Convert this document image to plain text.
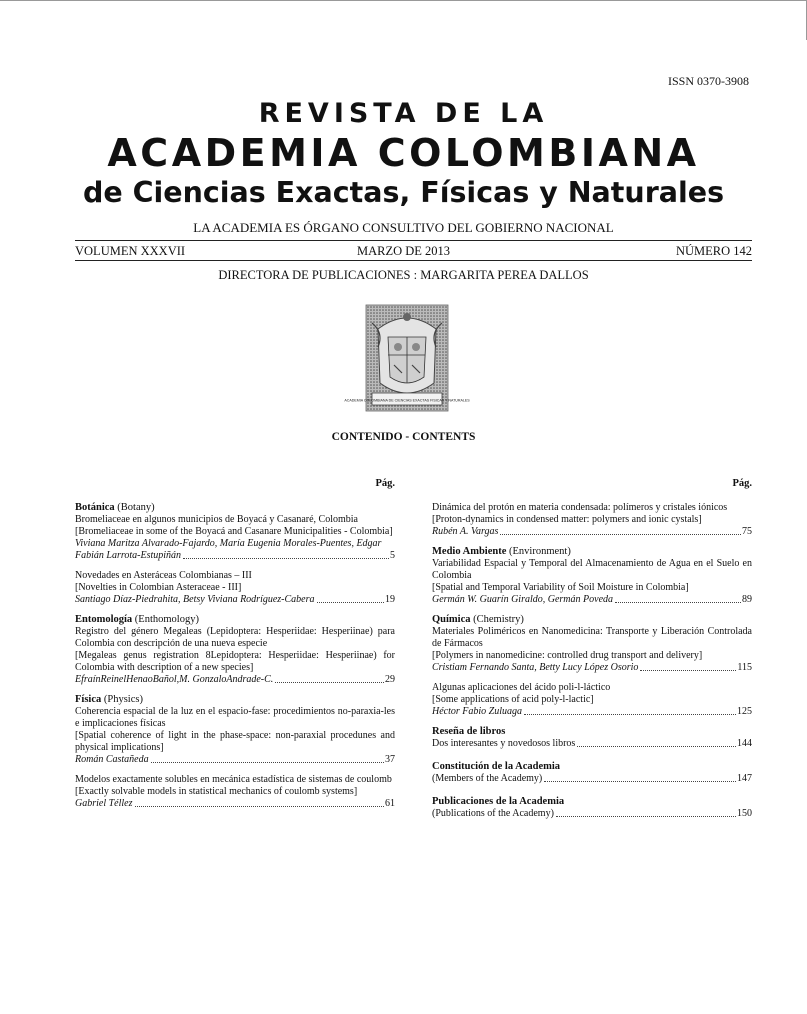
ISSN 0370-3908
REVISTA DE LA
ACADEMIA COLOMBIANA
de Ciencias Exactas, Físicas y Naturales
LA ACADEMIA ES ÓRGANO CONSULTIVO DEL GOBIERNO NACIONAL
VOLUMEN XXXVII	MARZO DE 2013	NÚMERO 142
DIRECTORA DE PUBLICACIONES : MARGARITA PEREA DALLOS
ACADEMIA COLOMBIANA DE CIENCIAS EXACTAS FISICAS Y NATURALES
CONTENIDO - CONTENTS
Pág.
Botánica (Botany)
Bromeliaceae en algunos municipios de Boyacá y Casanaré, Colombia
[Bromeliaceae in some of the Boyacá and Casanare Municipalities - Colombia]
Viviana Maritza Alvarado-Fajardo, María Eugenia Morales-Puentes, Edgar
Fabián Larrota-Estupiñán	5
Novedades en Asteráceas Colombianas – III
[Novelties in Colombian Asteraceae - III]
Santiago Díaz-Piedrahita, Betsy Viviana Rodríguez-Cabera	19
Entomología (Enthomology)
Registro del género Megaleas (Lepidoptera: Hesperiidae: Hesperiinae) para Colombia con descripción de una nueva especie
[Megaleas genus registration 8Lepidoptera: Hesperiidae: Hesperiinae) for Colombia with description of a new species]
EfraínReinelHenaoBañol,M. GonzaloAndrade-C.	29
Física (Physics)
Coherencia espacial de la luz en el espacio-fase: procedimientos no-paraxia-les e implicaciones físicas
[Spatial coherence of light in the phase-space: non-paraxial procedunes and physical implications]
Román Castañeda	37
Modelos exactamente solubles en mecánica estadística de sistemas de coulomb
[Exactly solvable models in statistical mechanics of coulomb systems]
Gabriel Téllez	61
Pág.
Dinámica del protón en materia condensada: polímeros y cristales iónicos
[Proton-dynamics in condensed matter: polymers and ionic cystals]
Rubén A. Vargas	75
Medio Ambiente (Environment)
Variabilidad Espacial y Temporal del Almacenamiento de Agua en el Suelo en Colombia
[Spatial and Temporal Variability of Soil Moisture in Colombia]
Germán W. Guarín Giraldo, Germán Poveda	89
Química (Chemistry)
Materiales Poliméricos en Nanomedicina: Transporte y Liberación Controlada de Fármacos
[Polymers in nanomedicine: controlled drug transport and delivery]
Cristiam Fernando Santa, Betty Lucy López Osorio	115
Algunas aplicaciones del ácido poli-l-láctico
[Some applications of acid poly-l-lactic]
Héctor Fabio Zuluaga	125
Reseña de libros
Dos interesantes y novedosos libros	144
Constitución de la Academia
(Members of the Academy)	147
Publicaciones de la Academia
(Publications of the Academy)	150
